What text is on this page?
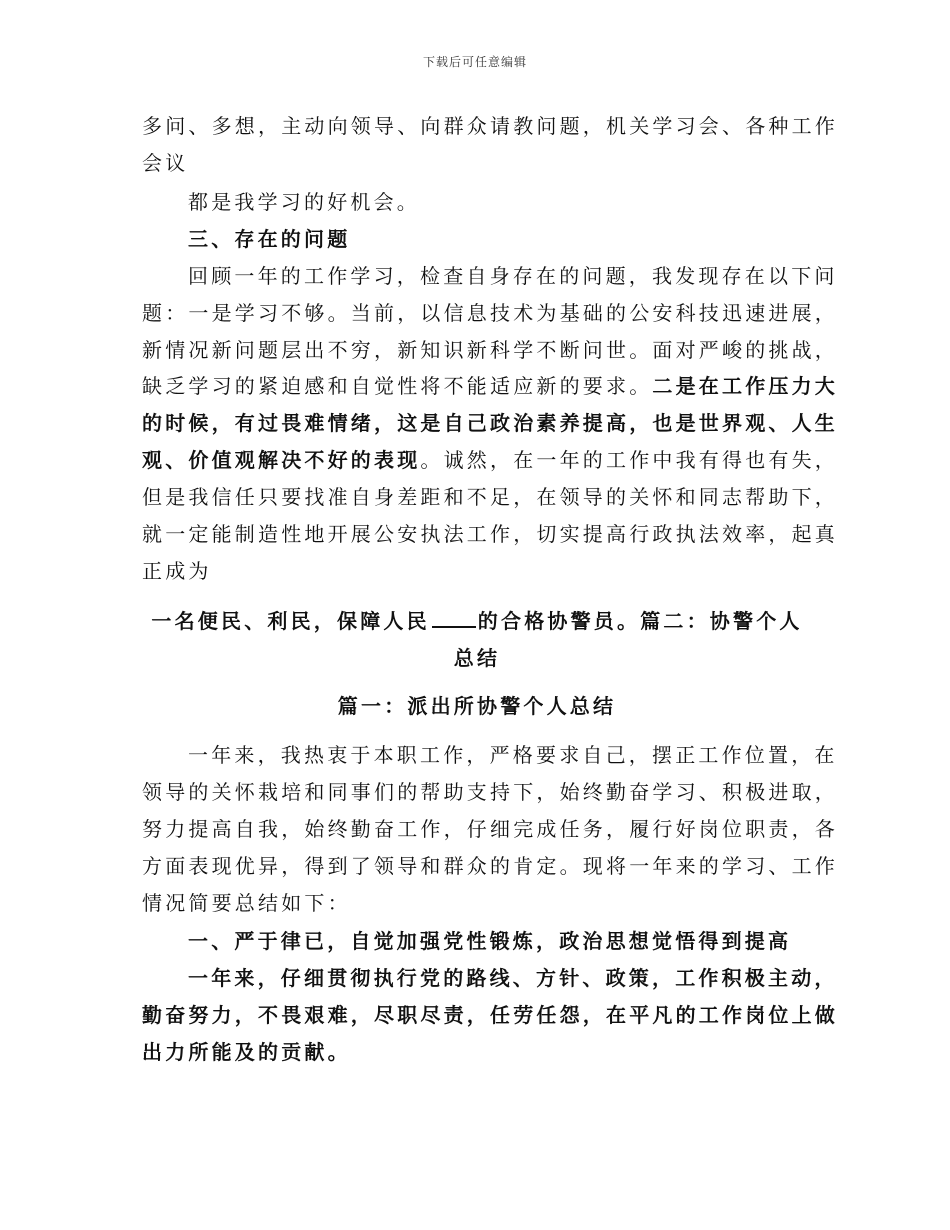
下载后可任意编辑
多问、多想，主动向领导、向群众请教问题，机关学习会、各种工作
会议
都是我学习的好机会。
三、存在的问题
回顾一年的工作学习，检查自身存在的问题，我发现存在以下问
题：一是学习不够。当前，以信息技术为基础的公安科技迅速进展，
新情况新问题层出不穷，新知识新科学不断问世。面对严峻的挑战，
缺乏学习的紧迫感和自觉性将不能适应新的要求。二是在工作压力大
的时候，有过畏难情绪，这是自己政治素养提高，也是世界观、人生
观、价值观解决不好的表现。诚然，在一年的工作中我有得也有失，
但是我信任只要找准自身差距和不足，在领导的关怀和同志帮助下，
就一定能制造性地开展公安执法工作，切实提高行政执法效率，起真
正成为
一名便民、利民，保障人民 的合格协警员。篇二：协警个人
总结
篇一：派出所协警个人总结
一年来，我热衷于本职工作，严格要求自己，摆正工作位置，在
领导的关怀栽培和同事们的帮助支持下，始终勤奋学习、积极进取，
努力提高自我，始终勤奋工作，仔细完成任务，履行好岗位职责，各
方面表现优异，得到了领导和群众的肯定。现将一年来的学习、工作
情况简要总结如下：
一、严于律已，自觉加强党性锻炼，政治思想觉悟得到提高
一年来，仔细贯彻执行党的路线、方针、政策，工作积极主动，
勤奋努力，不畏艰难，尽职尽责，任劳任怨，在平凡的工作岗位上做
出力所能及的贡献。
